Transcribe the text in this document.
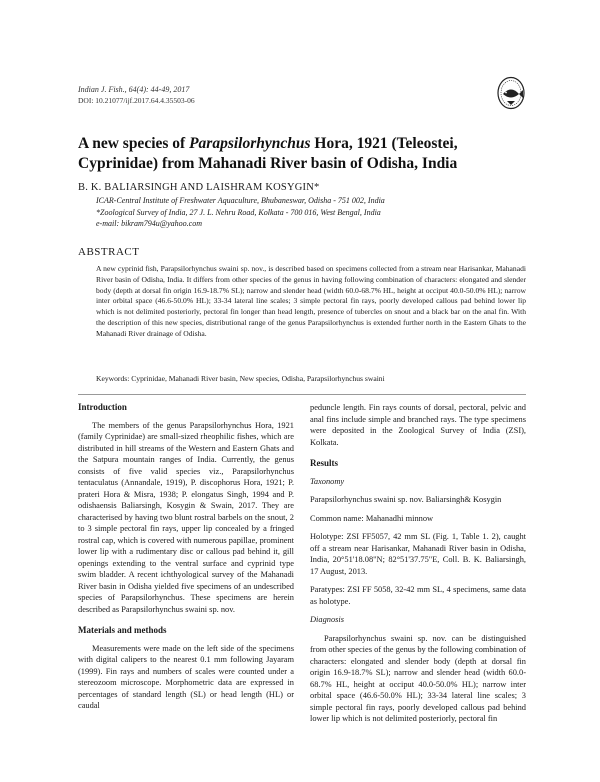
Indian J. Fish., 64(4): 44-49, 2017
DOI: 10.21077/ijf.2017.64.4.35503-06
A new species of Parapsilorhynchus Hora, 1921 (Teleostei, Cyprinidae) from Mahanadi River basin of Odisha, India
B. K. BALIARSINGH AND LAISHRAM KOSYGIN*
ICAR-Central Institute of Freshwater Aquaculture, Bhubaneswar, Odisha - 751 002, India
*Zoological Survey of India, 27 J. L. Nehru Road, Kolkata - 700 016, West Bengal, India
e-mail: bikram794u@yahoo.com
ABSTRACT
A new cyprinid fish, Parapsilorhynchus swaini sp. nov., is described based on specimens collected from a stream near Harisankar, Mahanadi River basin of Odisha, India. It differs from other species of the genus in having following combination of characters: elongated and slender body (depth at dorsal fin origin 16.9-18.7% SL); narrow and slender head (width 60.0-68.7% HL, height at occiput 40.0-50.0% HL); narrow inter orbital space (46.6-50.0% HL); 33-34 lateral line scales; 3 simple pectoral fin rays, poorly developed callous pad behind lower lip which is not delimited posteriorly, pectoral fin longer than head length, presence of tubercles on snout and a black bar on the anal fin. With the description of this new species, distributional range of the genus Parapsilorhynchus is extended further north in the Eastern Ghats to the Mahanadi River drainage of Odisha.
Keywords: Cyprinidae, Mahanadi River basin, New species, Odisha, Parapsilorhynchus swaini
Introduction

The members of the genus Parapsilorhynchus Hora, 1921 (family Cyprinidae) are small-sized rheophilic fishes, which are distributed in hill streams of the Western and Eastern Ghats and the Satpura mountain ranges of India. Currently, the genus consists of five valid species viz., Parapsilorhynchus tentaculatus (Annandale, 1919), P. discophorus Hora, 1921; P. prateri Hora & Misra, 1938; P. elongatus Singh, 1994 and P. odishaensis Baliarsingh, Kosygin & Swain, 2017. They are characterised by having two blunt rostral barbels on the snout, 2 to 3 simple pectoral fin rays, upper lip concealed by a fringed rostral cap, which is covered with numerous papillae, prominent lower lip with a rudimentary disc or callous pad behind it, gill openings extending to the ventral surface and cyprinid type swim bladder. A recent ichthyological survey of the Mahanadi River basin in Odisha yielded five specimens of an undescribed species of Parapsilorhynchus. These specimens are herein described as Parapsilorhynchus swaini sp. nov.

Materials and methods

Measurements were made on the left side of the specimens with digital calipers to the nearest 0.1 mm following Jayaram (1999). Fin rays and numbers of scales were counted under a stereozoom microscope. Morphometric data are expressed in percentages of standard length (SL) or head length (HL) or caudal

peduncle length. Fin rays counts of dorsal, pectoral, pelvic and anal fins include simple and branched rays. The type specimens were deposited in the Zoological Survey of India (ZSI), Kolkata.

Results

Taxonomy

Parapsilorhynchus swaini sp. nov. Baliarsingh& Kosygin

Common name: Mahanadhi minnow

Holotype: ZSI FF5057, 42 mm SL (Fig. 1, Table 1. 2), caught off a stream near Harisankar, Mahanadi River basin in Odisha, India, 20°51'18.08"N; 82°51'37.75"E, Coll. B. K. Baliarsingh, 17 August, 2013.

Paratypes: ZSI FF 5058, 32-42 mm SL, 4 specimens, same data as holotype.

Diagnosis

Parapsilorhynchus swaini sp. nov. can be distinguished from other species of the genus by the following combination of characters: elongated and slender body (depth at dorsal fin origin 16.9-18.7% SL); narrow and slender head (width 60.0-68.7% HL, height at occiput 40.0-50.0% HL); narrow inter orbital space (46.6-50.0% HL); 33-34 lateral line scales; 3 simple pectoral fin rays, poorly developed callous pad behind lower lip which is not delimited posteriorly, pectoral fin
